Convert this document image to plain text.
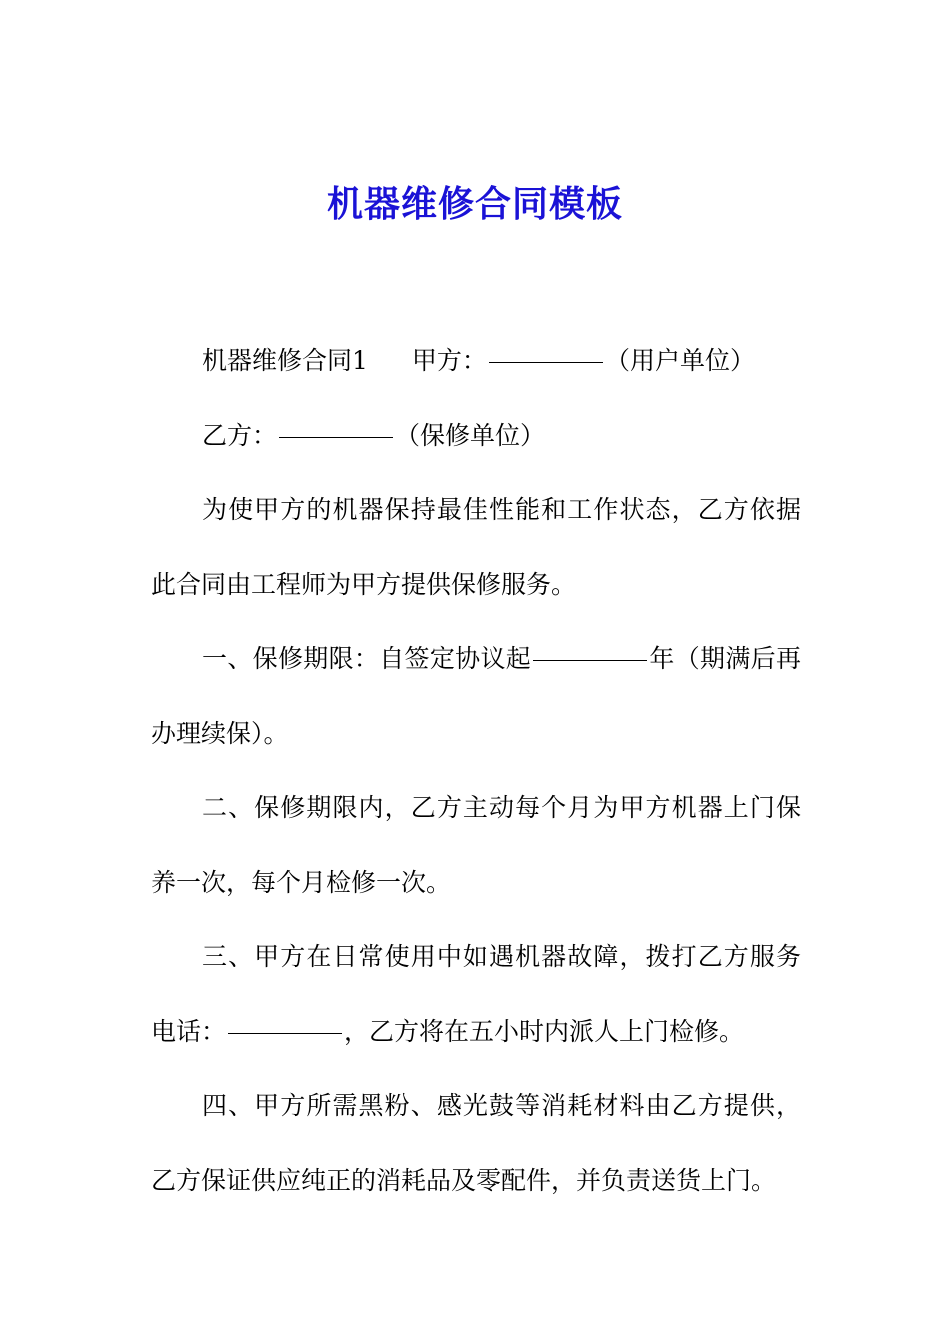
机器维修合同模板

机器维修合同1 甲方：	（用户单位）

乙方：	（保修单位）

为使甲方的机器保持最佳性能和工作状态，乙方依据此合同由工程师为甲方提供保修服务。

一、保修期限：自签定协议起	年（期满后再办理续保）。

二、保修期限内，乙方主动每个月为甲方机器上门保养一次，每个月检修一次。

三、甲方在日常使用中如遇机器故障，拨打乙方服务电话：	，乙方将在五小时内派人上门检修。

四、甲方所需黑粉、感光鼓等消耗材料由乙方提供，乙方保证供应纯正的消耗品及零配件，并负责送货上门。
